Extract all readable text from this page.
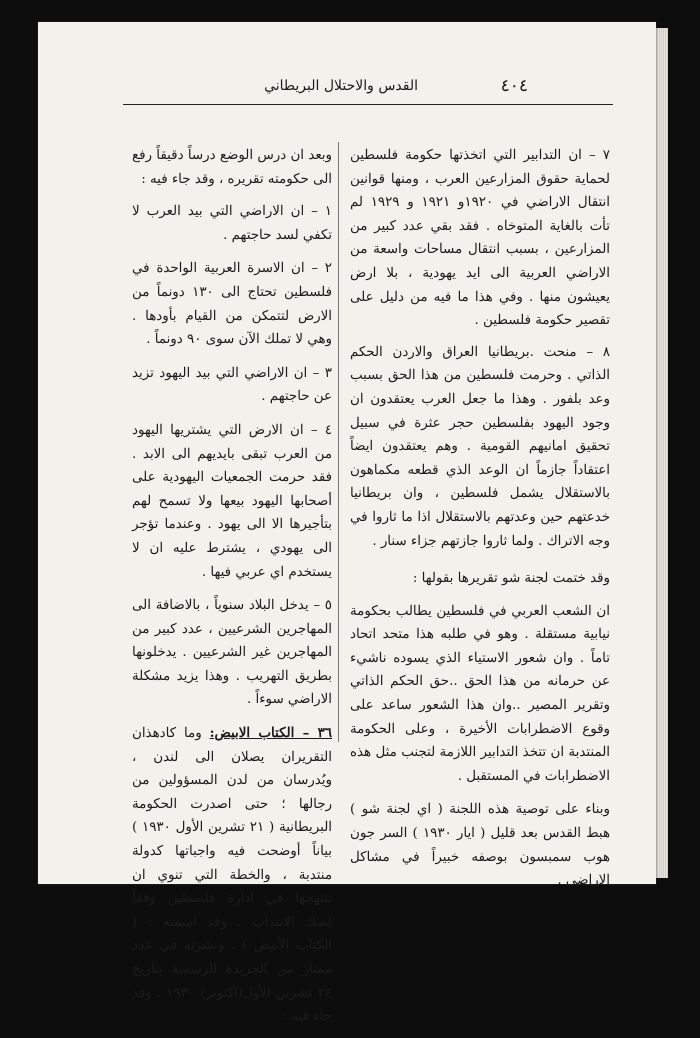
٤٠٤
القدس والاحتلال البريطاني

٧ – ان التدابير التي اتخذتها حكومة فلسطين لحماية حقوق المزارعين العرب ، ومنها قوانين انتقال الاراضي في ١٩٢٠و ١٩٢١ و ١٩٢٩ لم تأت بالغاية المتوخاه . فقد بقي عدد كبير من المزارعين ، بسبب انتقال مساحات واسعة من الاراضي العربية الى ايد يهودية ، بلا ارض يعيشون منها . وفي هذا ما فيه من دليل على تقصير حكومة فلسطين .

٨ – منحت .بريطانيا العراق والاردن الحكم الذاتي . وحرمت فلسطين من هذا الحق بسبب وعد بلفور . وهذا ما جعل العرب يعتقدون ان وجود اليهود بفلسطين حجر عثرة في سبيل تحقيق امانيهم القومية . وهم يعتقدون ايضاً اعتقاداً جازماً ان الوعد الذي قطعه مكماهون بالاستقلال يشمل فلسطين ، وان بريطانيا خدعتهم حين وعدتهم بالاستقلال اذا ما ثاروا في وجه الاتراك . ولما ثاروا جازتهم جزاء سنار .

وقد ختمت لجنة شو تقريرها بقولها :

ان الشعب العربي في فلسطين يطالب بحكومة نيابية مستقلة . وهو في طلبه هذا متحد اتحاد تاماً . وان شعور الاستياء الذي يسوده ناشيء عن حرمانه من هذا الحق ..حق الحكم الذاتي وتقرير المصير ..وان هذا الشعور ساعد على وقوع الاضطرابات الأخيرة ، وعلى الحكومة المنتدبة ان تتخذ التدابير اللازمة لتجنب مثل هذه الاضطرابات في المستقبل .

وبناء على توصية هذه اللجنة ( اي لجنة شو ) هبط القدس بعد قليل ( ايار ١٩٣٠ ) السر جون هوب سمبسون بوصفه خبيراً في مشاكل الاراضي .

وبعد ان درس الوضع درساً دقيقاً رفع الى حكومته تقريره ، وقد جاء فيه :

١ – ان الاراضي التي بيد العرب لا تكفي لسد حاجتهم .

٢ – ان الاسرة العربية الواحدة في فلسطين تحتاج الى ١٣٠ دونماً من الارض لتتمكن من القيام بأودها . وهي لا تملك الآن سوى ٩٠ دونماً .

٣ – ان الاراضي التي بيد اليهود تزيد عن حاجتهم .

٤ – ان الارض التي يشتريها اليهود من العرب تبقى بايديهم الى الابد . فقد حرمت الجمعيات اليهودية على أصحابها اليهود بيعها ولا تسمح لهم بتأجيرها الا الى يهود . وعندما تؤجر الى يهودي ، يشترط عليه ان لا يستخدم اي عربي فيها .

٥ – يدخل البلاد سنوياً ، بالاضافة الى المهاجرين الشرعيين ، عدد كبير من المهاجرين غير الشرعيين . يدخلونها بطريق التهريب . وهذا يزيد مشكلة الاراضي سوءاً .

٣٦ – الكتاب الابيض: وما كادهذان التقريران يصلان الى لندن ، ويُدرسان من لدن المسؤولين من رجالها ؛ حتى اصدرت الحكومة البريطانية ( ٢١ تشرين الأول ١٩٣٠ ) بياناً أوضحت فيه واجباتها كدولة منتدبة ، والخطة التي تنوي ان تنتهجها في ادارة فلسطين وفقاً لصك الانتداب . وقد اسمته : ( الكتاب الأبيض ) . ونشرته في عدد ممتاز من الجريدة الرسمية بتاريخ ٢٤ تشرين الأول(اكتوبر) ١٩٣٠ . وقد جاء فيه :
